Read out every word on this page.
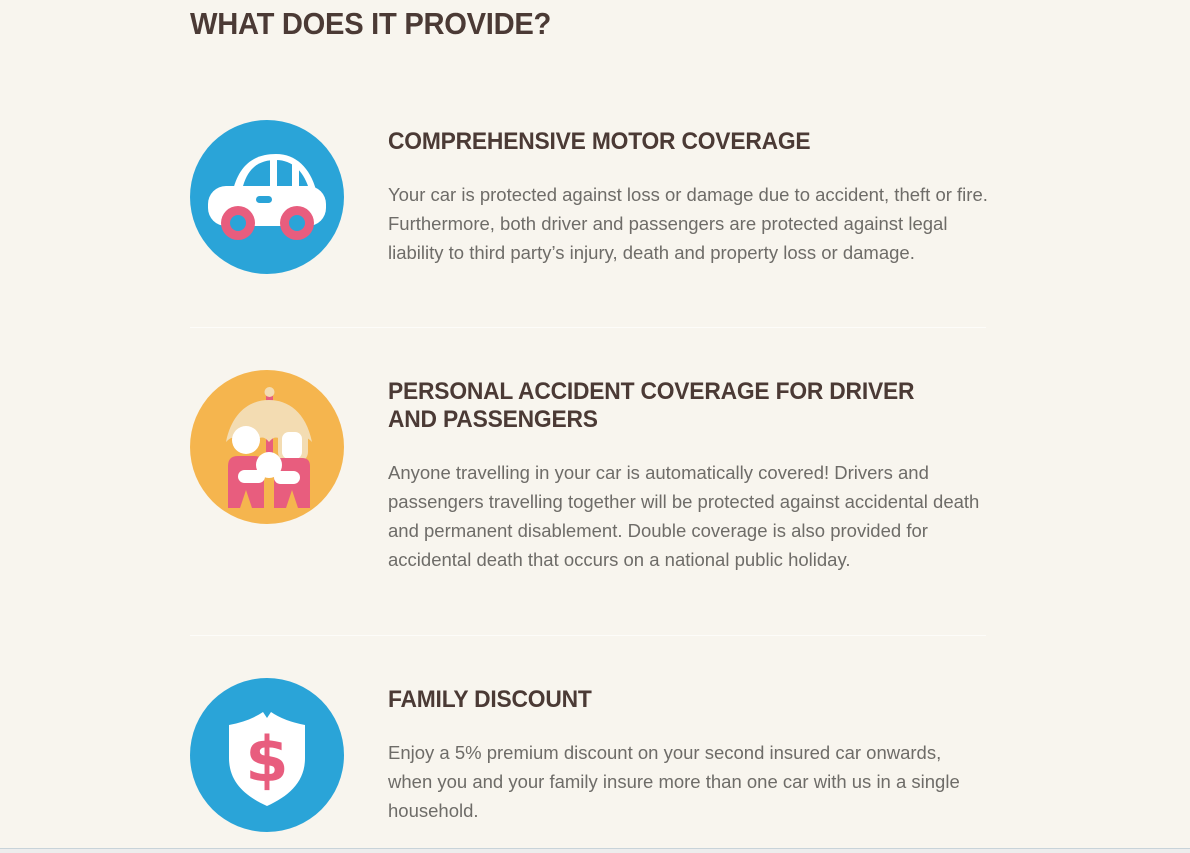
WHAT DOES IT PROVIDE?
COMPREHENSIVE MOTOR COVERAGE

Your car is protected against loss or damage due to accident, theft or fire. Furthermore, both driver and passengers are protected against legal liability to third party’s injury, death and property loss or damage.

PERSONAL ACCIDENT COVERAGE FOR DRIVER AND PASSENGERS

Anyone travelling in your car is automatically covered! Drivers and passengers travelling together will be protected against accidental death and permanent disablement. Double coverage is also provided for accidental death that occurs on a national public holiday.

$
FAMILY DISCOUNT

Enjoy a 5% premium discount on your second insured car onwards, when you and your family insure more than one car with us in a single household.
